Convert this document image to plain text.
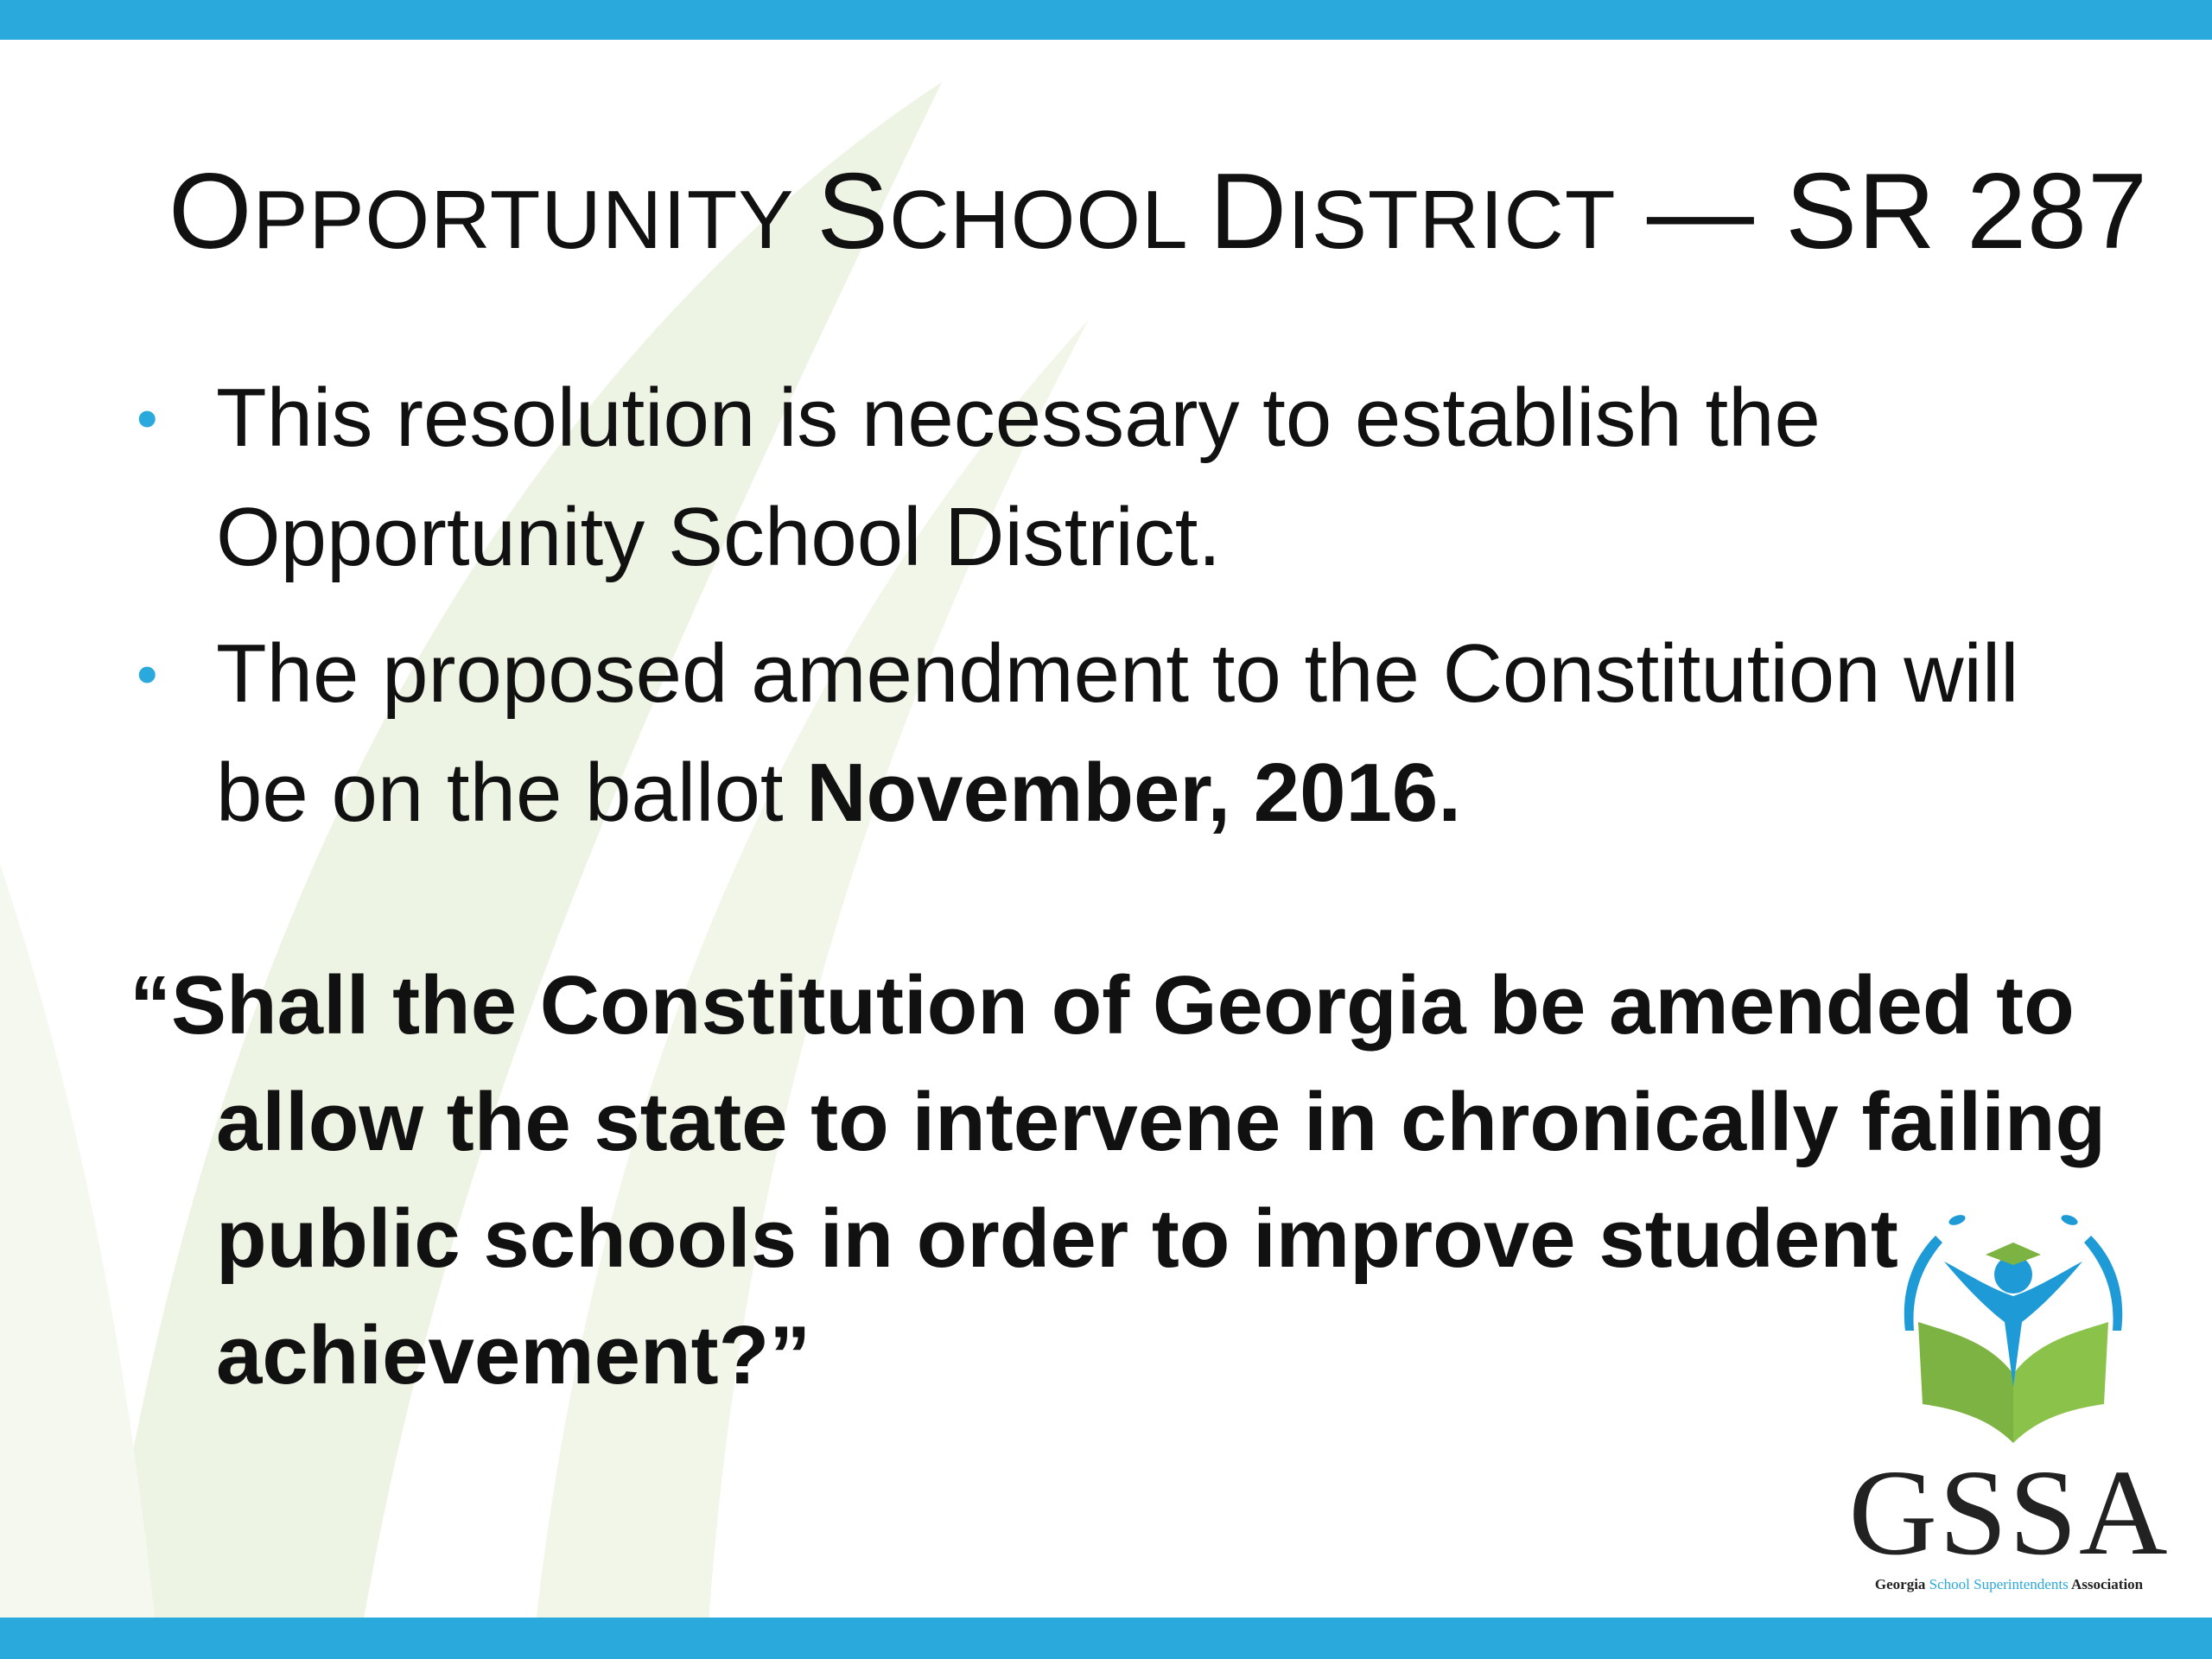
OPPORTUNITY SCHOOL DISTRICT — SR 287
• This resolution is necessary to establish the Opportunity School District.
• The proposed amendment to the Constitution will be on the ballot November, 2016.
“Shall the Constitution of Georgia be amended to allow the state to intervene in chronically failing public schools in order to improve student achievement?”
GSSA
Georgia School Superintendents Association
